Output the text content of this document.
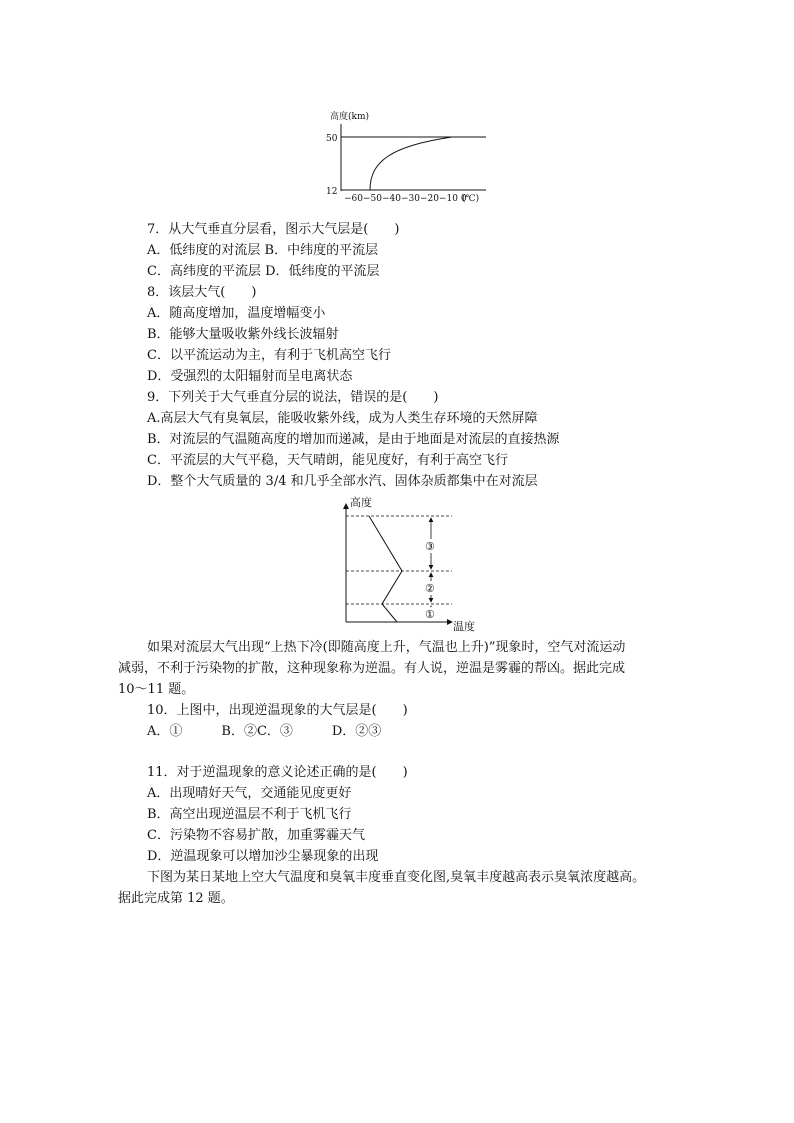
高度(km)
50
12
−60−50−40−30−20−10 0
(℃)
7．从大气垂直分层看，图示大气层是(　　)
A．低纬度的对流层 B．中纬度的平流层
C．高纬度的平流层 D．低纬度的平流层
8．该层大气(　　)
A．随高度增加，温度增幅变小
B．能够大量吸收紫外线长波辐射
C．以平流运动为主，有利于飞机高空飞行
D．受强烈的太阳辐射而呈电离状态
9．下列关于大气垂直分层的说法，错误的是(　　)
A.高层大气有臭氧层，能吸收紫外线，成为人类生存环境的天然屏障
B．对流层的气温随高度的增加而递减，是由于地面是对流层的直接热源
C．平流层的大气平稳，天气晴朗，能见度好，有利于高空飞行
D．整个大气质量的 3/4 和几乎全部水汽、固体杂质都集中在对流层
高度
温度
③
②
①
如果对流层大气出现“上热下冷(即随高度上升，气温也上升)”现象时，空气对流运动
减弱，不利于污染物的扩散，这种现象称为逆温。有人说，逆温是雾霾的帮凶。据此完成
10～11 题。
10．上图中，出现逆温现象的大气层是(　　)
A．①　　　B．②C．③　　　D．②③
11．对于逆温现象的意义论述正确的是(　　)
A．出现晴好天气，交通能见度更好
B．高空出现逆温层不利于飞机飞行
C．污染物不容易扩散，加重雾霾天气
D．逆温现象可以增加沙尘暴现象的出现
下图为某日某地上空大气温度和臭氧丰度垂直变化图,臭氧丰度越高表示臭氧浓度越高。
据此完成第 12 题。
